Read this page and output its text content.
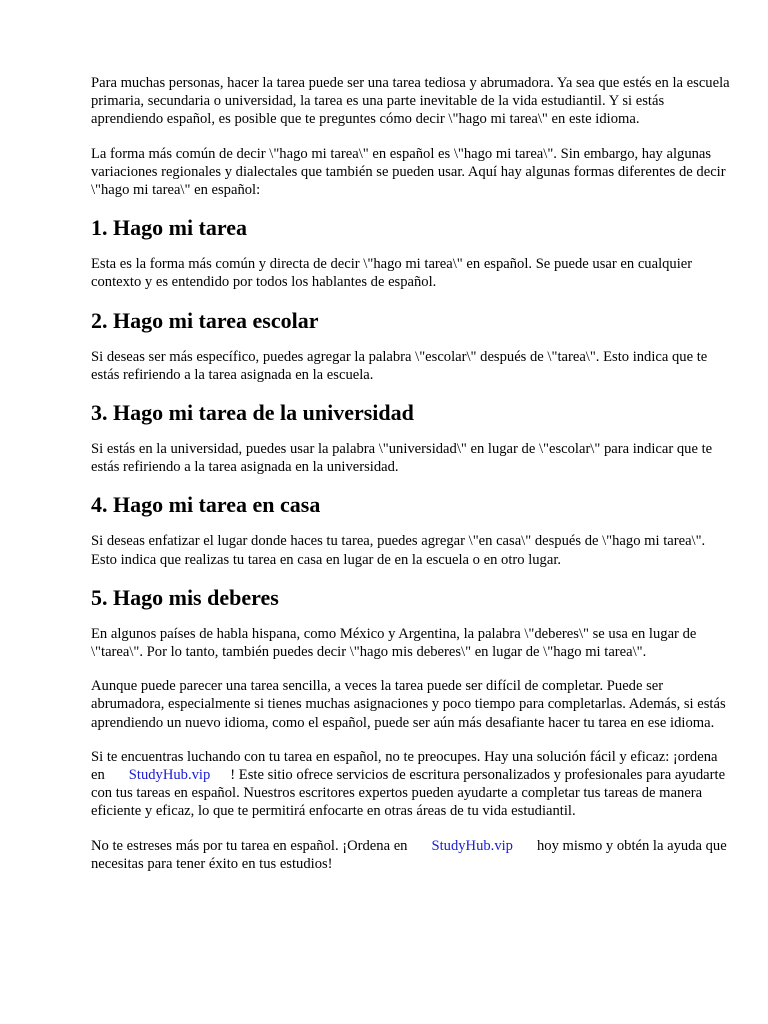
Para muchas personas, hacer la tarea puede ser una tarea tediosa y abrumadora. Ya sea que estés en la escuela primaria, secundaria o universidad, la tarea es una parte inevitable de la vida estudiantil. Y si estás aprendiendo español, es posible que te preguntes cómo decir \"hago mi tarea\" en este idioma.

La forma más común de decir \"hago mi tarea\" en español es \"hago mi tarea\". Sin embargo, hay algunas variaciones regionales y dialectales que también se pueden usar. Aquí hay algunas formas diferentes de decir \"hago mi tarea\" en español:

1. Hago mi tarea

Esta es la forma más común y directa de decir \"hago mi tarea\" en español. Se puede usar en cualquier contexto y es entendido por todos los hablantes de español.

2. Hago mi tarea escolar

Si deseas ser más específico, puedes agregar la palabra \"escolar\" después de \"tarea\". Esto indica que te estás refiriendo a la tarea asignada en la escuela.

3. Hago mi tarea de la universidad

Si estás en la universidad, puedes usar la palabra \"universidad\" en lugar de \"escolar\" para indicar que te estás refiriendo a la tarea asignada en la universidad.

4. Hago mi tarea en casa

Si deseas enfatizar el lugar donde haces tu tarea, puedes agregar \"en casa\" después de \"hago mi tarea\". Esto indica que realizas tu tarea en casa en lugar de en la escuela o en otro lugar.

5. Hago mis deberes

En algunos países de habla hispana, como México y Argentina, la palabra \"deberes\" se usa en lugar de \"tarea\". Por lo tanto, también puedes decir \"hago mis deberes\" en lugar de \"hago mi tarea\".

Aunque puede parecer una tarea sencilla, a veces la tarea puede ser difícil de completar. Puede ser abrumadora, especialmente si tienes muchas asignaciones y poco tiempo para completarlas. Además, si estás aprendiendo un nuevo idioma, como el español, puede ser aún más desafiante hacer tu tarea en ese idioma.

Si te encuentras luchando con tu tarea en español, no te preocupes. Hay una solución fácil y eficaz: ¡ordena en StudyHub.vip ! Este sitio ofrece servicios de escritura personalizados y profesionales para ayudarte con tus tareas en español. Nuestros escritores expertos pueden ayudarte a completar tus tareas de manera eficiente y eficaz, lo que te permitirá enfocarte en otras áreas de tu vida estudiantil.

No te estreses más por tu tarea en español. ¡Ordena en StudyHub.vip hoy mismo y obtén la ayuda que necesitas para tener éxito en tus estudios!
